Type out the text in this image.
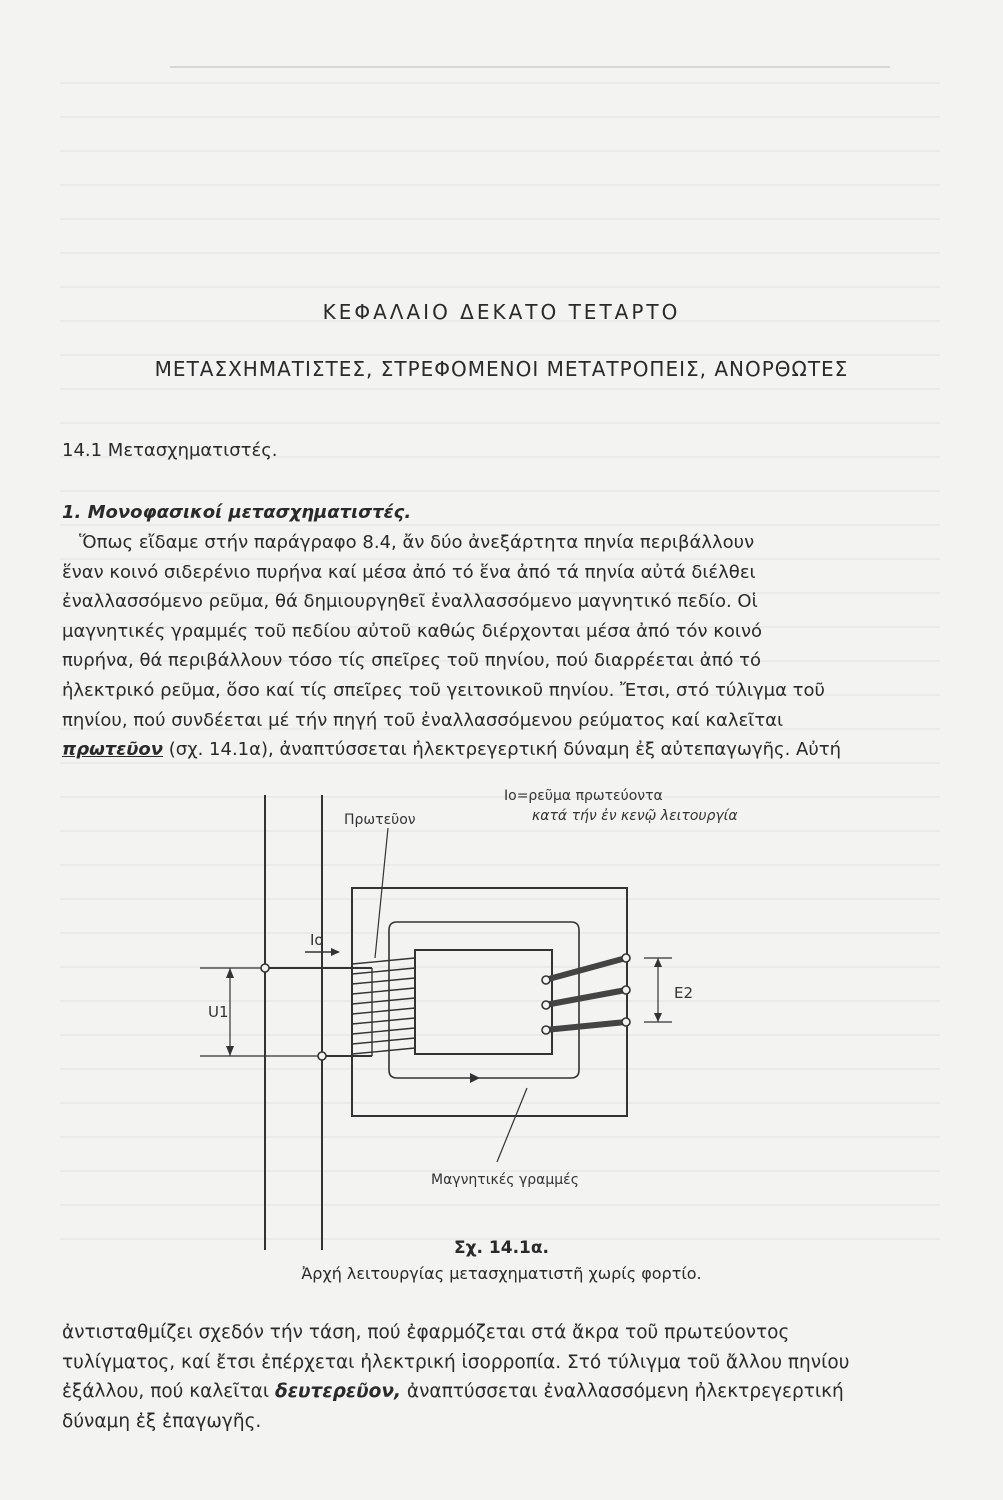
ΚΕΦΑΛΑΙΟ ΔΕΚΑΤΟ ΤΕΤΑΡΤΟ
ΜΕΤΑΣΧΗΜΑΤΙΣΤΕΣ, ΣΤΡΕΦΟΜΕΝΟΙ ΜΕΤΑΤΡΟΠΕΙΣ, ΑΝΟΡΘΩΤΕΣ
14.1 Μετασχηματιστές.
1. Μονοφασικοί μετασχηματιστές.

Ὅπως εἴδαμε στήν παράγραφο 8.4, ἄν δύο ἀνεξάρτητα πηνία περιβάλλουν

ἕναν κοινό σιδερένιο πυρήνα καί μέσα ἀπό τό ἕνα ἀπό τά πηνία αὐτά διέλθει

ἐναλλασσόμενο ρεῦμα, θά δημιουργηθεῖ ἐναλλασσόμενο μαγνητικό πεδίο. Οἱ

μαγνητικές γραμμές τοῦ πεδίου αὐτοῦ καθώς διέρχονται μέσα ἀπό τόν κοινό

πυρήνα, θά περιβάλλουν τόσο τίς σπεῖρες τοῦ πηνίου, πού διαρρέεται ἀπό τό

ἠλεκτρικό ρεῦμα, ὅσο καί τίς σπεῖρες τοῦ γειτονικοῦ πηνίου. Ἔτσι, στό τύλιγμα τοῦ

πηνίου, πού συνδέεται μέ τήν πηγή τοῦ ἐναλλασσόμενου ρεύματος καί καλεῖται

πρωτεῦον (σχ. 14.1α), ἀναπτύσσεται ἠλεκτρεγερτική δύναμη ἐξ αὐτεπαγωγῆς. Αὐτή

Πρωτεῦον
Io=ρεῦμα πρωτεύοντα
κατά τήν ἐν κενῷ λειτουργία
Io
U1
E2
Μαγνητικές γραμμές
Σχ. 14.1α.
Ἀρχή λειτουργίας μετασχηματιστῆ χωρίς φορτίο.

ἀντισταθμίζει σχεδόν τήν τάση, πού ἐφαρμόζεται στά ἄκρα τοῦ πρωτεύοντος

τυλίγματος, καί ἔτσι ἐπέρχεται ἠλεκτρική ἰσορροπία. Στό τύλιγμα τοῦ ἄλλου πηνίου

ἐξάλλου, πού καλεῖται δευτερεῦον, ἀναπτύσσεται ἐναλλασσόμενη ἠλεκτρεγερτική

δύναμη ἐξ ἐπαγωγῆς.
